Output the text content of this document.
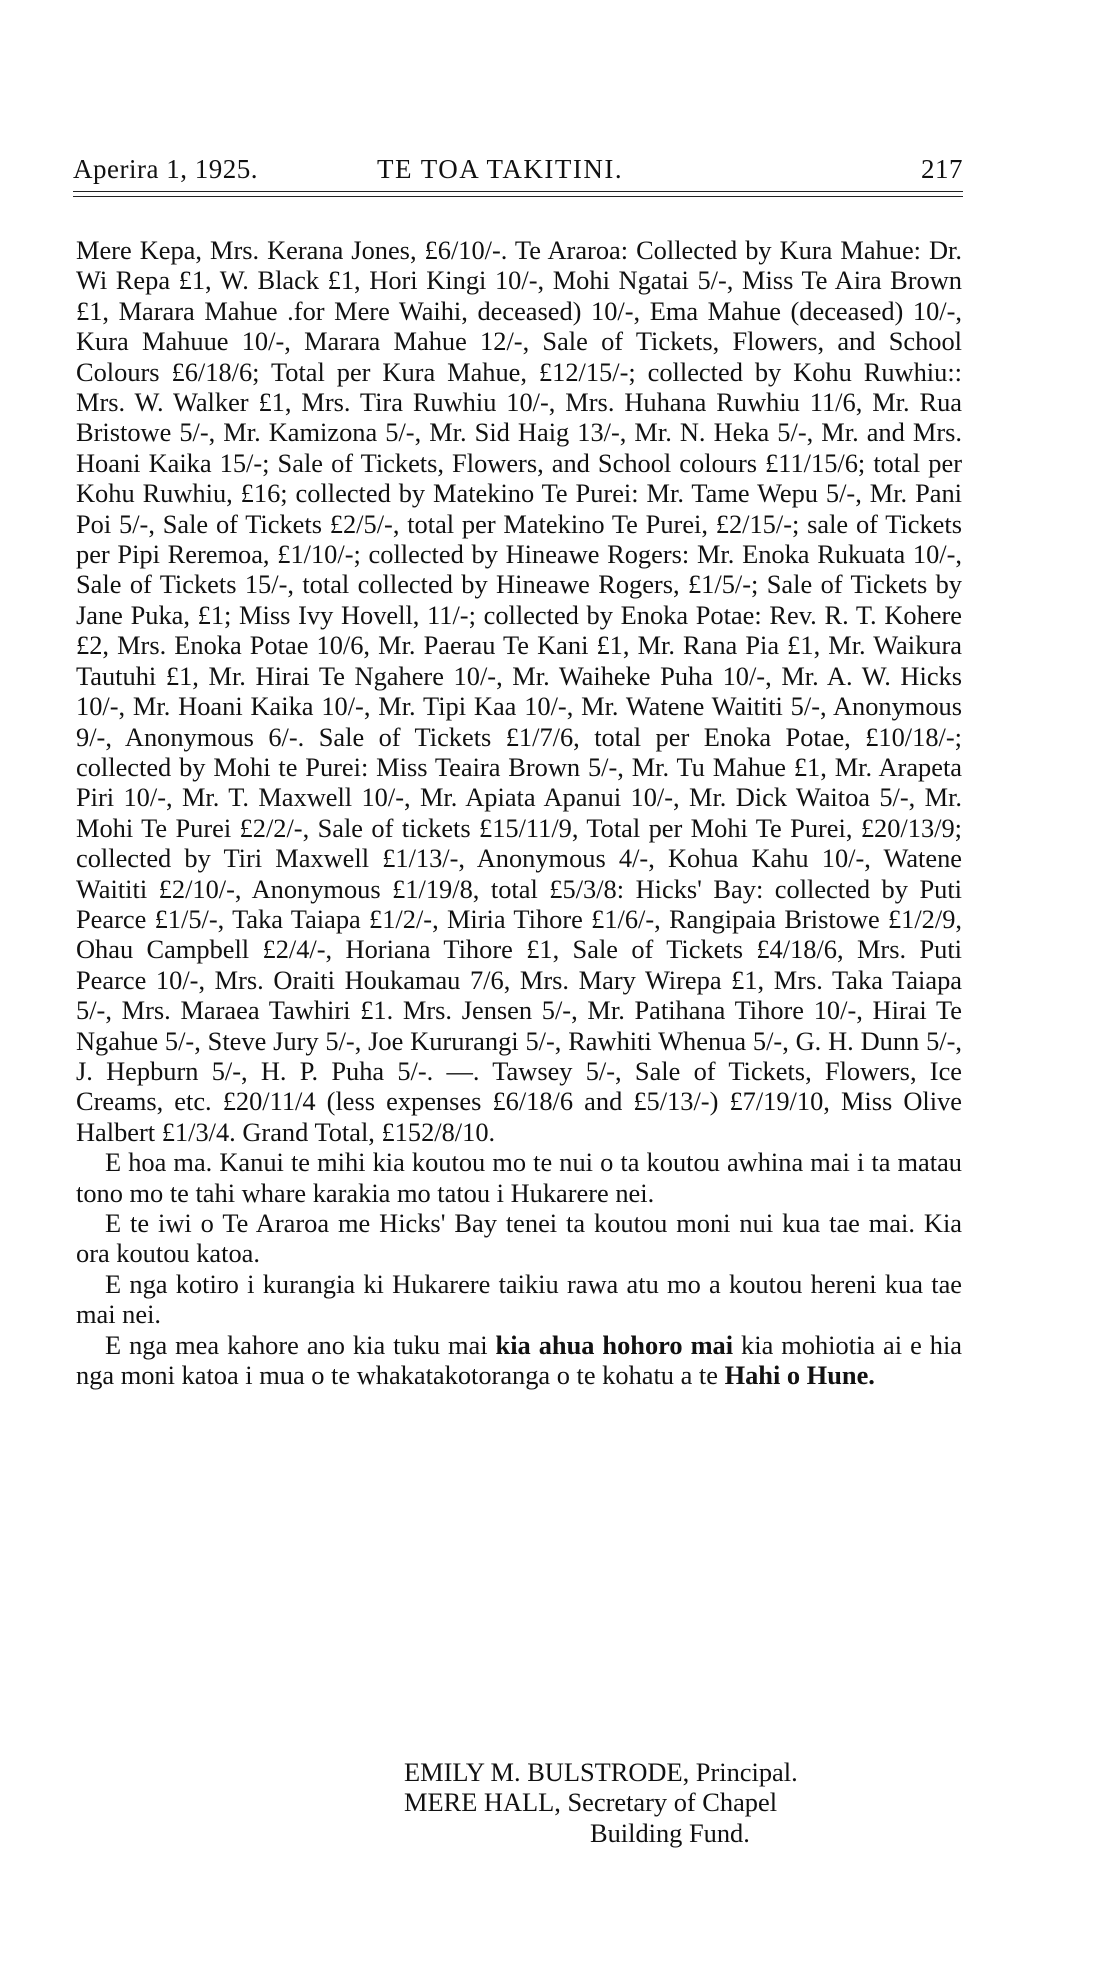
Aperira 1, 1925.	TE TOA TAKITINI.	217

Mere Kepa, Mrs. Kerana Jones, £6/10/-. Te Araroa: Collected by Kura Mahue: Dr. Wi Repa £1, W. Black £1, Hori Kingi 10/-, Mohi Ngatai 5/-, Miss Te Aira Brown £1, Marara Mahue .for Mere Waihi, deceased) 10/-, Ema Mahue (deceased) 10/-, Kura Mahuue 10/-, Marara Mahue 12/-, Sale of Tickets, Flowers, and School Colours £6/18/6; Total per Kura Mahue, £12/15/-; collected by Kohu Ruwhiu:: Mrs. W. Walker £1, Mrs. Tira Ruwhiu 10/-, Mrs. Huhana Ruwhiu 11/6, Mr. Rua Bristowe 5/-, Mr. Kamizona 5/-, Mr. Sid Haig 13/-, Mr. N. Heka 5/-, Mr. and Mrs. Hoani Kaika 15/-; Sale of Tickets, Flowers, and School colours £11/15/6; total per Kohu Ruwhiu, £16; collected by Matekino Te Purei: Mr. Tame Wepu 5/-, Mr. Pani Poi 5/-, Sale of Tickets £2/5/-, total per Matekino Te Purei, £2/15/-; sale of Tickets per Pipi Reremoa, £1/10/-; collected by Hineawe Rogers: Mr. Enoka Rukuata 10/-, Sale of Tickets 15/-, total collected by Hineawe Rogers, £1/5/-; Sale of Tickets by Jane Puka, £1; Miss Ivy Hovell, 11/-; collected by Enoka Potae: Rev. R. T. Kohere £2, Mrs. Enoka Potae 10/6, Mr. Paerau Te Kani £1, Mr. Rana Pia £1, Mr. Waikura Tautuhi £1, Mr. Hirai Te Ngahere 10/-, Mr. Waiheke Puha 10/-, Mr. A. W. Hicks 10/-, Mr. Hoani Kaika 10/-, Mr. Tipi Kaa 10/-, Mr. Watene Waititi 5/-, Anonymous 9/-, Anonymous 6/-. Sale of Tickets £1/7/6, total per Enoka Potae, £10/18/-; collected by Mohi te Purei: Miss Teaira Brown 5/-, Mr. Tu Mahue £1, Mr. Arapeta Piri 10/-, Mr. T. Maxwell 10/-, Mr. Apiata Apanui 10/-, Mr. Dick Waitoa 5/-, Mr. Mohi Te Purei £2/2/-, Sale of tickets £15/11/9, Total per Mohi Te Purei, £20/13/9; collected by Tiri Maxwell £1/13/-, Anonymous 4/-, Kohua Kahu 10/-, Watene Waititi £2/10/-, Anonymous £1/19/8, total £5/3/8: Hicks' Bay: collected by Puti Pearce £1/5/-, Taka Taiapa £1/2/-, Miria Tihore £1/6/-, Rangipaia Bristowe £1/2/9, Ohau Campbell £2/4/-, Horiana Tihore £1, Sale of Tickets £4/18/6, Mrs. Puti Pearce 10/-, Mrs. Oraiti Houkamau 7/6, Mrs. Mary Wirepa £1, Mrs. Taka Taiapa 5/-, Mrs. Maraea Tawhiri £1. Mrs. Jensen 5/-, Mr. Patihana Tihore 10/-, Hirai Te Ngahue 5/-, Steve Jury 5/-, Joe Kururangi 5/-, Rawhiti Whenua 5/-, G. H. Dunn 5/-, J. Hepburn 5/-, H. P. Puha 5/-. —. Tawsey 5/-, Sale of Tickets, Flowers, Ice Creams, etc. £20/11/4 (less expenses £6/18/6 and £5/13/-) £7/19/10, Miss Olive Halbert £1/3/4. Grand Total, £152/8/10.

E hoa ma. Kanui te mihi kia koutou mo te nui o ta koutou awhina mai i ta matau tono mo te tahi whare karakia mo tatou i Hukarere nei.

E te iwi o Te Araroa me Hicks' Bay tenei ta koutou moni nui kua tae mai. Kia ora koutou katoa.

E nga kotiro i kurangia ki Hukarere taikiu rawa atu mo a koutou hereni kua tae mai nei.

E nga mea kahore ano kia tuku mai kia ahua hohoro mai kia mohiotia ai e hia nga moni katoa i mua o te whakatakotoranga o te kohatu a te Hahi o Hune.

EMILY M. BULSTRODE, Principal.
MERE HALL, Secretary of Chapel
Building Fund.
